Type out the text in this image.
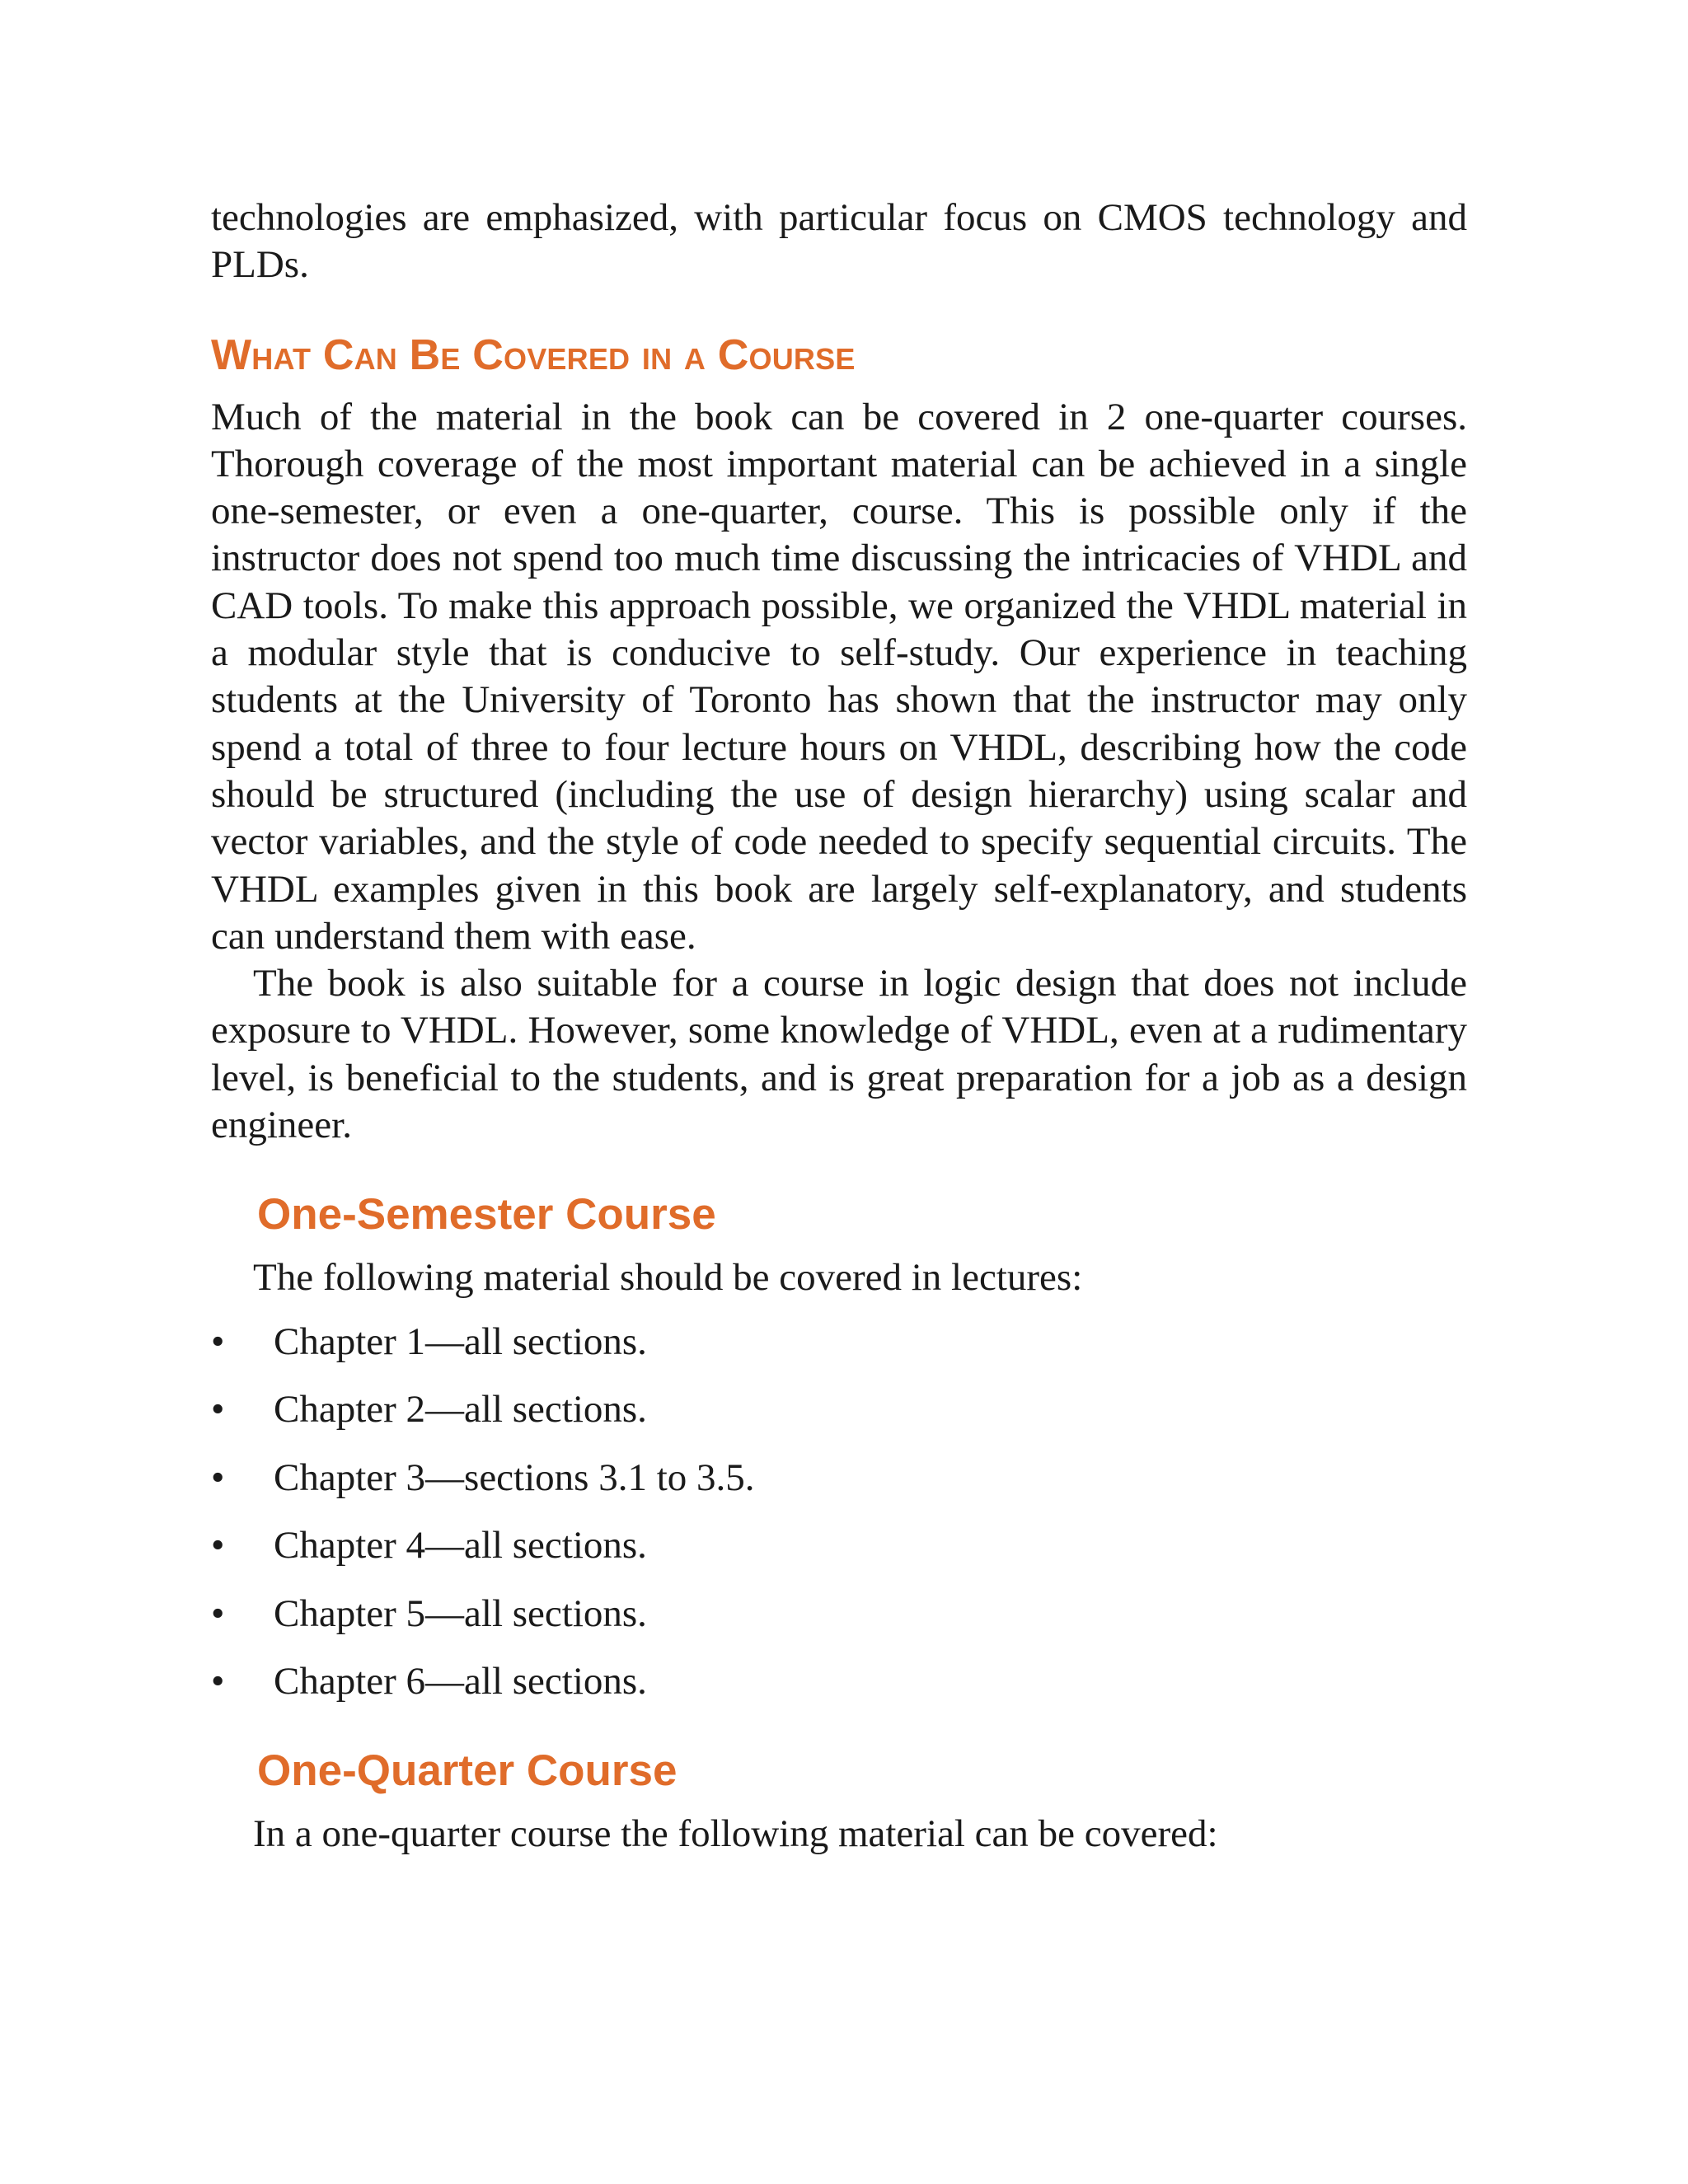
technologies are emphasized, with particular focus on CMOS technology and PLDs.

What Can Be Covered in a Course

Much of the material in the book can be covered in 2 one-quarter courses. Thorough coverage of the most important material can be achieved in a single one-semester, or even a one-quarter, course. This is possible only if the instructor does not spend too much time discussing the intricacies of VHDL and CAD tools. To make this approach possible, we organized the VHDL material in a modular style that is conducive to self-study. Our experience in teaching students at the University of Toronto has shown that the instructor may only spend a total of three to four lecture hours on VHDL, describing how the code should be structured (including the use of design hierarchy) using scalar and vector variables, and the style of code needed to specify sequential circuits. The VHDL examples given in this book are largely self-explanatory, and students can understand them with ease.

The book is also suitable for a course in logic design that does not include exposure to VHDL. However, some knowledge of VHDL, even at a rudimentary level, is beneficial to the students, and is great preparation for a job as a design engineer.

One-Semester Course

The following material should be covered in lectures:

• Chapter 1—all sections.
• Chapter 2—all sections.
• Chapter 3—sections 3.1 to 3.5.
• Chapter 4—all sections.
• Chapter 5—all sections.
• Chapter 6—all sections.
One-Quarter Course

In a one-quarter course the following material can be covered:
